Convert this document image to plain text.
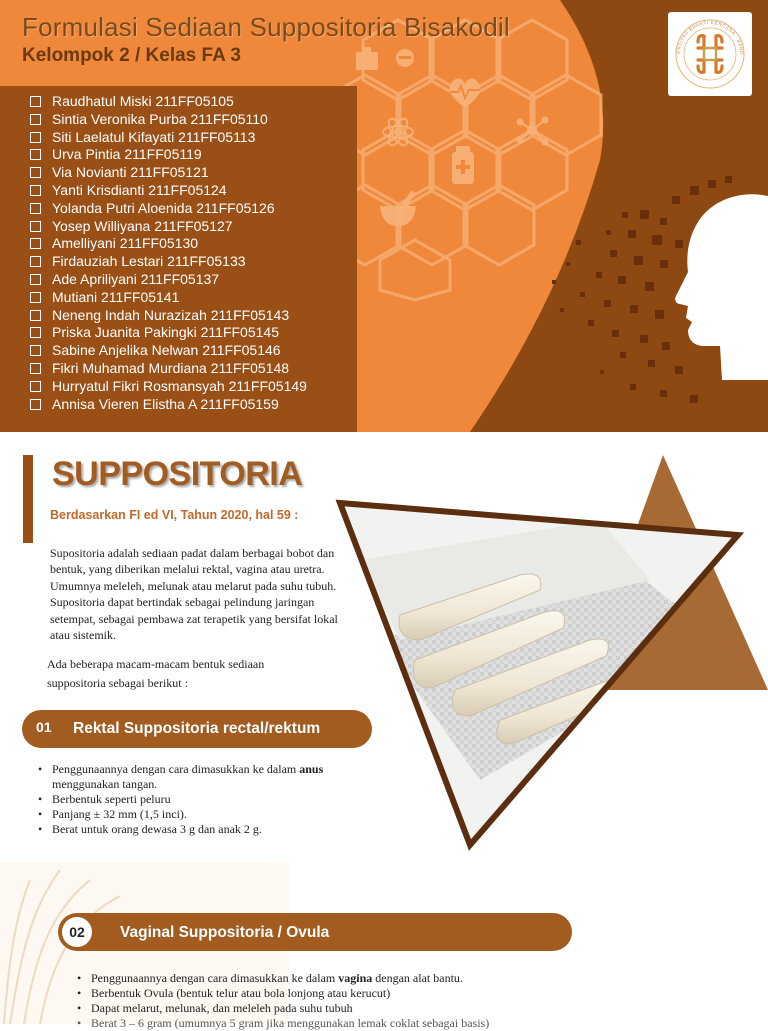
Formulasi Sediaan Suppositoria Bisakodil
Kelompok 2 / Kelas FA 3	ERSITAS BHAKTI KENCANA · BAND
Raudhatul Miski 211FF05105
Sintia Veronika Purba 211FF05110
Siti Laelatul Kifayati 211FF05113
Urva Pintia 211FF05119
Via Novianti 211FF05121
Yanti Krisdianti 211FF05124
Yolanda Putri Aloenida 211FF05126
Yosep Williyana 211FF05127
Amelliyani 211FF05130
Firdauziah Lestari 211FF05133
Ade Apriliyani 211FF05137
Mutiani 211FF05141
Neneng Indah Nurazizah 211FF05143
Priska Juanita Pakingki 211FF05145
Sabine Anjelika Nelwan 211FF05146
Fikri Muhamad Murdiana 211FF05148
Hurryatul Fikri Rosmansyah 211FF05149
Annisa Vieren Elistha A 211FF05159
SUPPOSITORIA

Berdasarkan FI ed VI, Tahun 2020, hal 59 :

Supositoria adalah sediaan padat dalam berbagai bobot dan bentuk, yang diberikan melalui rektal, vagina atau uretra. Umumnya meleleh, melunak atau melarut pada suhu tubuh. Supositoria dapat bertindak sebagai pelindung jaringan setempat, sebagai pembawa zat terapetik yang bersifat lokal atau sistemik.

Ada beberapa macam-macam bentuk sediaan suppositoria sebagai berikut :

01 Rektal Suppositoria rectal/rektum
• Penggunaannya dengan cara dimasukkan ke dalam anus menggunakan tangan.
• Berbentuk seperti peluru
• Panjang ± 32 mm (1,5 inci).
• Berat untuk orang dewasa 3 g dan anak 2 g.
02	Vaginal Suppositoria / Ovula
• Penggunaannya dengan cara dimasukkan ke dalam vagina dengan alat bantu.
• Berbentuk Ovula (bentuk telur atau bola lonjong atau kerucut)
• Dapat melarut, melunak, dan meleleh pada suhu tubuh
• Berat 3 – 6 gram (umumnya 5 gram jika menggunakan lemak coklat sebagai basis)
